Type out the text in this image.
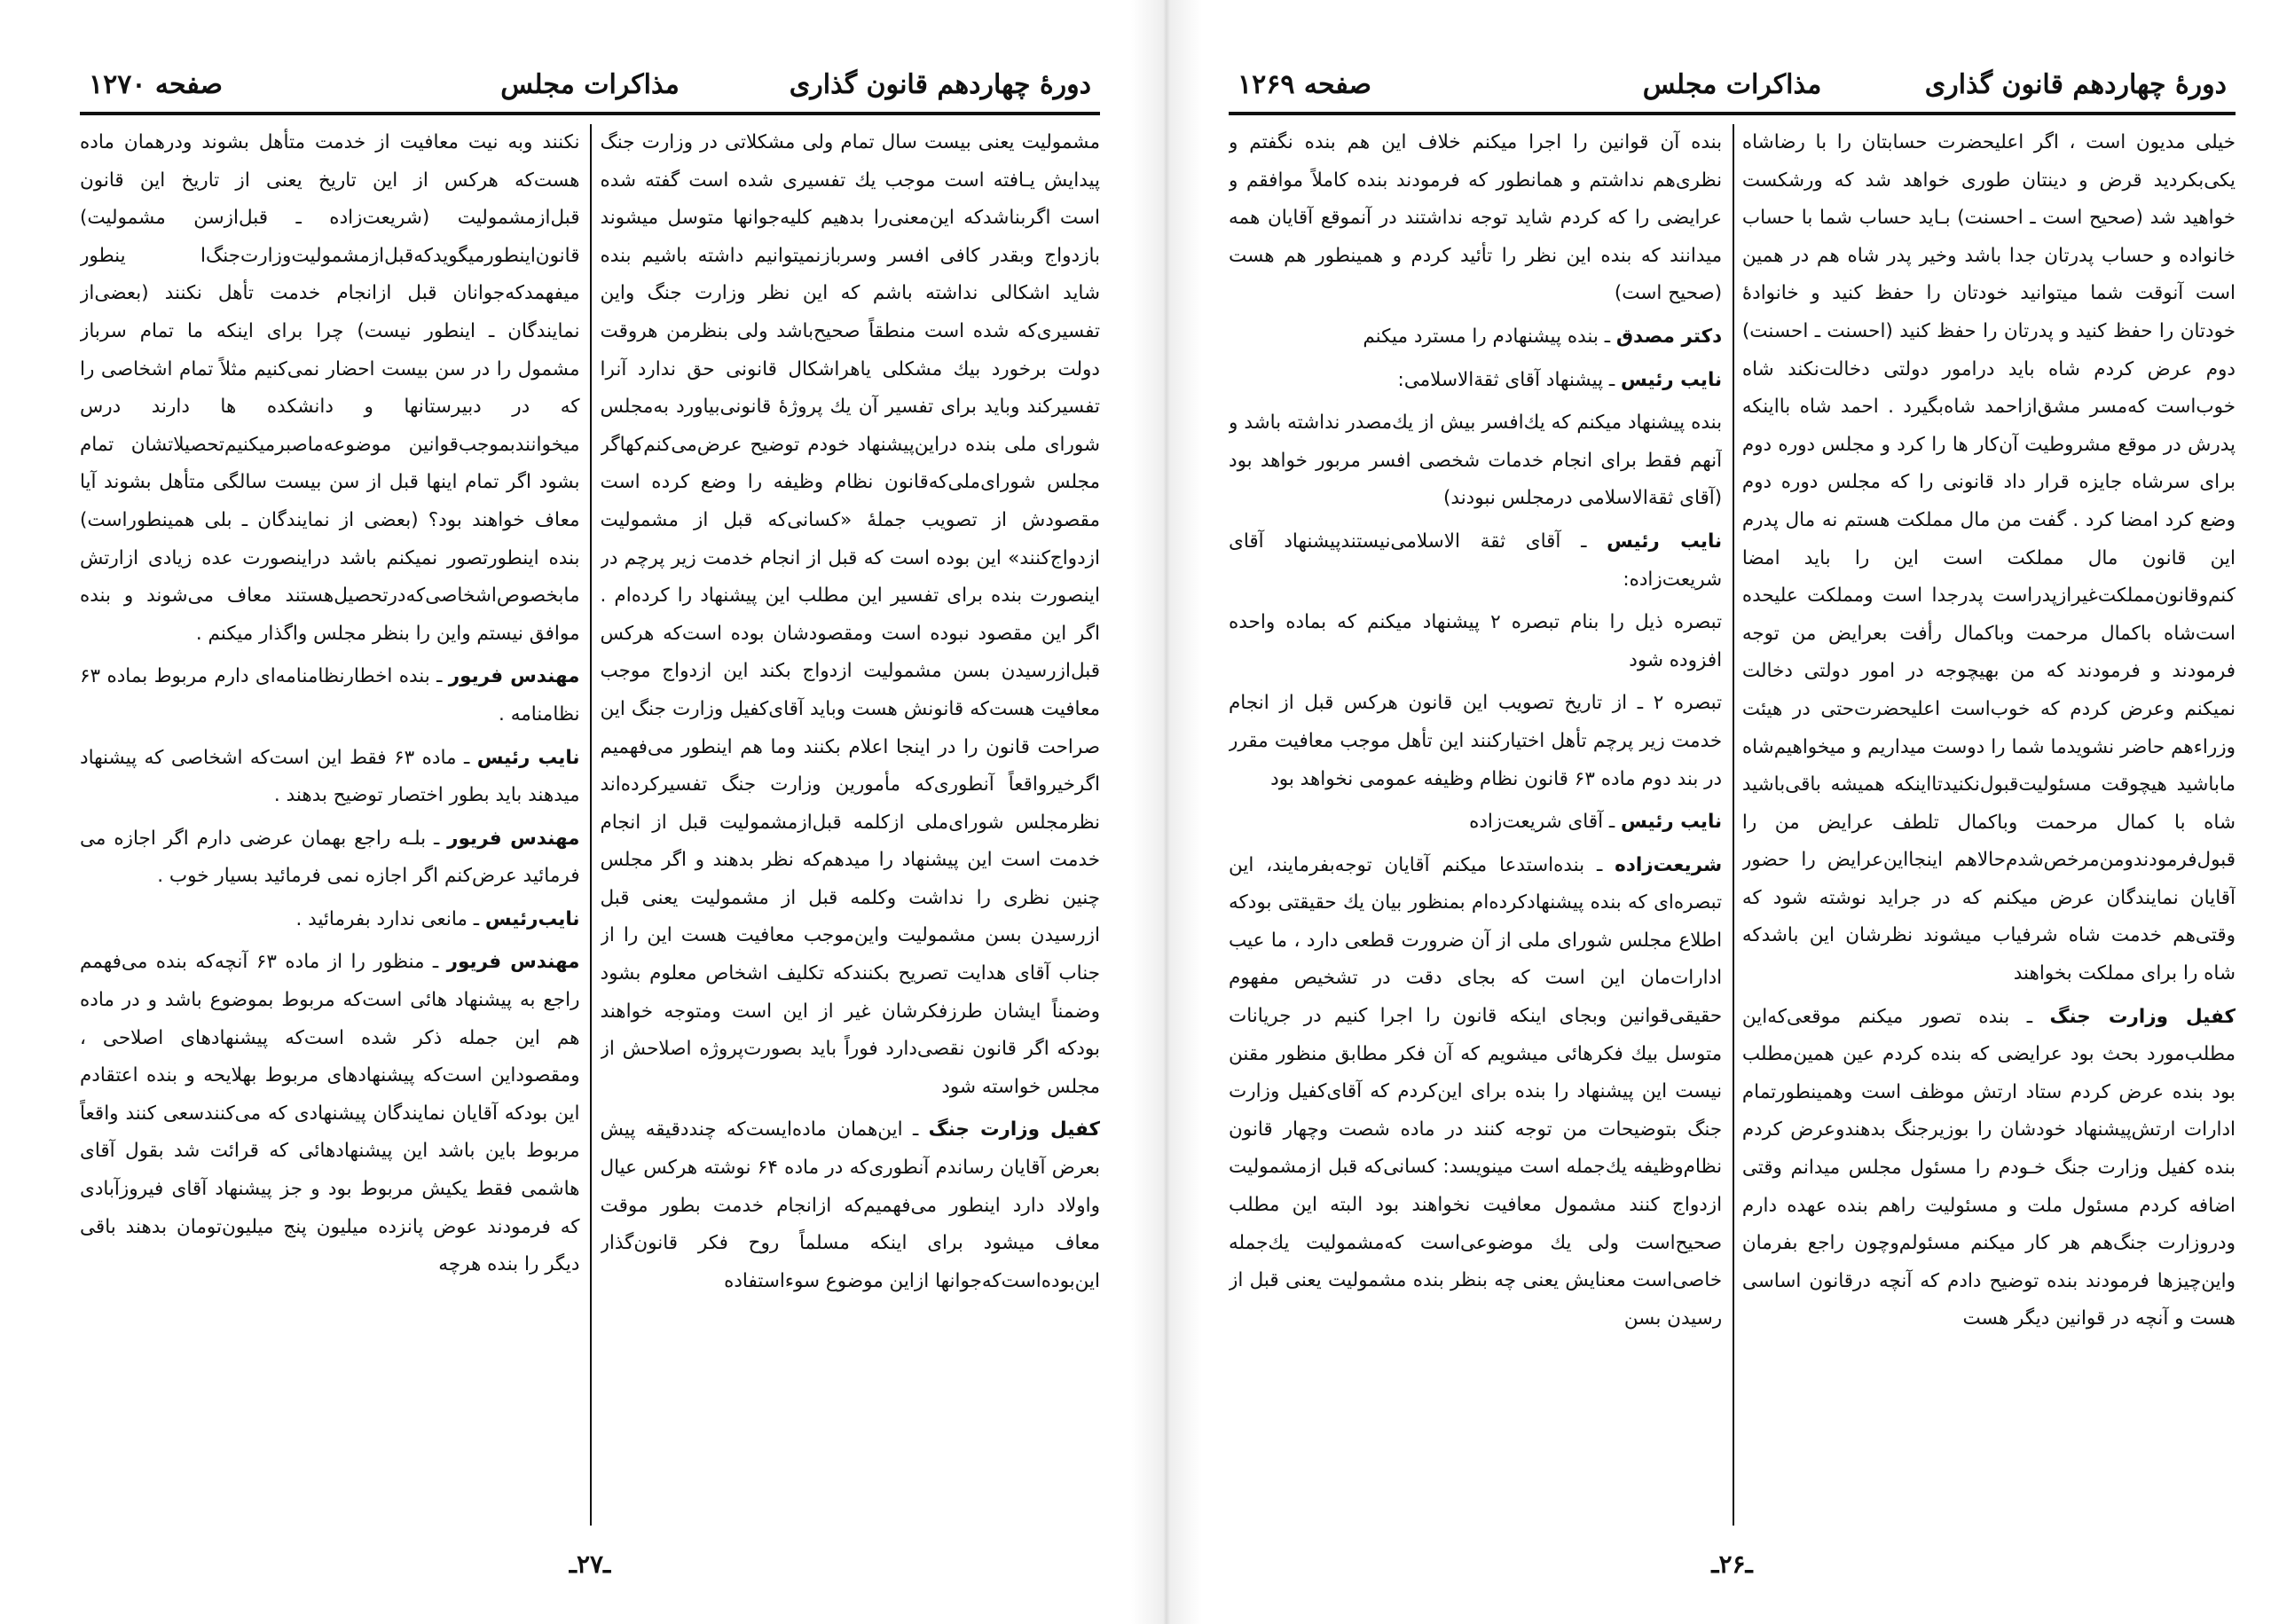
دورهٔ چهاردهم قانون گذاری
مذاکرات مجلس
صفحه ۱۲۷۰

مشمولیت یعنی بیست سال تمام ولی مشکلاتی در وزارت جنگ پیدایش یـافته است موجب یك تفسیری شده است گفته شده است اگربناشدکه این‌معنی‌را بدهیم کلیه‌جوانها متوسل میشوند بازدواج وبقدر کافی افسر وسرباز‌نمیتوانیم داشته باشیم بنده شاید اشکالی نداشته باشم که این نظر وزارت جنگ واین تفسیری‌که شده است منطقاً صحیح‌باشد ولی بنظرمن هروقت دولت برخورد بیك مشکلی یاهر‌اشکال قانونی حق ندارد آنرا تفسیر‌کند وباید برای تفسیر آن یك پروژهٔ قانونی‌بیاورد به‌مجلس شورای ملی بنده دراین‌پیشنهاد خودم توضیح عرض‌می‌کنم‌کهاگر مجلس شورای‌ملی‌که‌قانون نظام وظیفه را وضع کرده است مقصودش از تصویب جملهٔ «کسانی‌که قبل از مشمولیت ازدواج‌کنند» این بوده است که قبل از انجام خدمت زیر پرچم در اینصورت بنده برای تفسیر این مطلب این پیشنهاد را کرده‌ام . اگر این مقصود نبوده است ومقصودشان بوده است‌که هرکس قبل‌ازرسیدن بسن مشمولیت ازدواج بکند این ازدواج موجب معافیت هست‌که قانونش هست وباید آقای‌کفیل وزارت جنگ این صراحت قانون را در اینجا اعلام بکنند وما هم اینطور می‌فهمیم اگرخیرواقعاً آنطوری‌که مأمورین وزارت جنگ تفسیر‌کرده‌اند نظر‌مجلس شورای‌ملی از‌کلمه قبل‌ازمشمولیت قبل از انجام خدمت است این پیشنهاد را میدهم‌که نظر بدهند و اگر مجلس چنین نظری را نداشت وکلمه قبل از مشمولیت یعنی قبل ازرسیدن بسن مشمولیت واین‌موجب معافیت هست این را از جناب آقای هدایت تصریح بکنندکه تکلیف اشخاص معلوم بشود وضمناً ایشان طرزفکرشان غیر از این است ومتوجه خواهند بودکه اگر قانون نقصی‌دارد فوراً باید بصورت‌پروژه اصلاحش از مجلس خواسته شود

کفیل وزارت جنگ ـ این‌همان ماده‌ایست‌که چنددقیقه پیش بعرض آقایان رساندم آنطوری‌که در ماده ۶۴ نوشته هرکس عیال واولاد دارد اینطور می‌فهمیم‌که ازانجام خدمت بطور موقت معاف میشود برای اینکه مسلماً روح فکر قانون‌گذار این‌بوده‌است‌که‌جوانها ازاین موضوع سوءاستفاده

نکنند وبه نیت معافیت از خدمت متأهل بشوند ودرهمان ماده هست‌که هرکس از این تاریخ یعنی از تاریخ این قانون قبل‌ازمشمولیت (شریعت‌زاده ـ قبل‌از‌سن مشمولیت) قانون‌اینطورمیگویدکه‌قبل‌ازمشمولیت‌وزارت‌جنگ‌ا ینطور میفهمدکه‌جوانان قبل ازانجام خدمت تأهل نکنند (بعضی‌از نمایندگان ـ اینطور نیست) چرا برای اینکه ما تمام سرباز مشمول را در سن بیست احضار نمی‌کنیم مثلاً تمام اشخاصی را که در دبیرستانها و دانشکده ها دارند درس میخوانند‌بموجب‌قوانین‌ موضوعه‌ماصبر‌میکنیم‌تحصیلاتشان تمام بشود اگر تمام اینها قبل از سن بیست سالگی متأهل بشوند آیا معاف خواهند بود؟ (بعضی از نمایندگان ـ بلی همینطوراست) بنده اینطورتصور نمیکنم باشد دراینصورت عده زیادی ازارتش مابخصوص‌اشخاصی‌که‌در‌تحصیل‌هستند معاف می‌شوند و بنده موافق نیستم واین را بنظر مجلس واگذار میکنم .

مهندس فریور ـ بنده اخطار‌نظامنامه‌ای دارم مربوط بماده ۶۳ نظامنامه .

نایب رئیس ـ ماده ۶۳ فقط این است‌که اشخاصی که پیشنهاد میدهند باید بطور اختصار توضیح بدهند .

مهندس فریور ـ بلـه راجع بهمان عرضی دارم اگر اجازه می فرمائید عرض‌کنم اگر اجازه نمی فرمائید بسیار خوب .

نایب‌رئیس ـ مانعی ندارد بفرمائید .

مهندس فریور ـ منظور را از ماده ۶۳ آنچه‌که بنده می‌فهمم راجع به پیشنهاد هائی است‌که مربوط بموضوع باشد و در ماده هم این جمله ذکر شده است‌که پیشنهادهای اصلاحی ، ومقصوداین است‌که پیشنهادهای مربوط بهلایحه و بنده اعتقادم این بودکه آقایان نمایندگان پیشنهادی که می‌کنندسعی کنند واقعاً مربوط باین باشد این پیشنهادهائی که قرائت شد بقول آقای هاشمی فقط یکیش مربوط بود و جز پیشنهاد آقای فیروزآبادی که فرمودند عوض پانزده میلیون پنج میلیون‌تومان بدهند باقی دیگر را بنده هرچه

ـ۲۷ـ
دورهٔ چهاردهم قانون گذاری
مذاکرات مجلس
صفحه ۱۲۶۹

خیلی مدیون است ، اگر اعلیحضرت حسابتان را با رضاشاه یکی‌بکردید قرض و دینتان طوری خواهد شد که ورشکست خواهید شد (صحیح است ـ احسنت) بـاید حساب شما با حساب خانواده و حساب پدرتان جدا باشد وخیر پدر شاه هم در همین است آنوقت شما میتوانید خودتان را حفظ کنید و خانوادهٔ خودتان را حفظ کنید و پدرتان را حفظ کنید (احسنت ـ احسنت) دوم عرض کردم شاه باید درامور دولتی دخالت‌نکند شاه خوب‌است که‌مسر مشق‌از‌احمد شاه‌بگیرد . احمد شاه بااینکه پدرش در موقع مشروطیت آن‌کار ها را کرد و مجلس دوره دوم برای سرشاه جایزه قرار داد قانونی را که مجلس دوره دوم وضع کرد امضا کرد . گفت من مال مملکت هستم نه مال پدرم این قانون مال مملکت است این را باید امضا کنم‌و‌قانون‌مملکت‌غیراز‌پدراست پدرجدا است و‌مملکت علیحده است‌شاه باکمال مرحمت وباکمال رأفت بعرایض من توجه فرمودند و فرمودند که من بهیچوجه در امور دولتی دخالت نمیکنم‌ وعرض کردم که خوب‌است اعلیحضرت‌حتی در هیئت وزراء‌هم حاضر نشوید‌ما شما را دوست میداریم و میخواهیم‌شاه ماباشید هیچوقت مسئولیت‌قبول‌نکنیدتااینکه همیشه باقی‌باشید شاه با کمال مرحمت وباکمال تلطف عرایض من را قبول‌فرمودندو‌من‌مرخص‌شدم‌حالاهم اینجااین‌عرایض را حضور آقایان نمایندگان عرض میکنم که در جراید نوشته شود که وقتی‌هم خدمت شاه شرفیاب میشوند نظرشان این باشدکه شاه را برای مملکت بخواهند

کفیل وزارت جنگ ـ بنده تصور میکنم موقعی‌که‌این مطلب‌مورد بحث بود عرایضی که بنده کردم عین همین‌مطلب بود بنده عرض کردم ستاد ارتش موظف است و‌همینطورتمام ادارات‌ ارتش‌پیشنهاد خودشان را بوزیر‌جنگ بدهندو‌عرض کردم بنده کفیل وزارت جنگ خـودم را مسئول مجلس میدانم‌ وقتی اضافه کردم مسئول ملت و مسئولیت راهم بنده عهده دارم ودر‌وزارت جنگ‌هم هر کار میکنم مسئولم‌وچون راجع بفرمان واین‌چیزها فرمودند بنده توضیح دادم که آنچه درقانون اساسی هست و آنچه در قوانین دیگر هست

بنده آن قوانین را اجرا میکنم خلاف این هم بنده نگفتم و نظری‌هم نداشتم و همانطور که فرمودند بنده کاملاً موافقم و عرایضی را که کردم شاید توجه نداشتند در آنموقع آقایان همه میدانند که بنده این نظر را تأئید کردم و همینطور هم هست (صحیح است)

دکتر مصدق ـ بنده پیشنهادم را مسترد میکنم

نایب رئیس ـ پیشنهاد آقای ثقة‌الاسلامی:

بنده پیشنهاد میکنم که یك‌افسر بیش از یك‌مصدر نداشته باشد و آنهم فقط برای انجام خدمات شخصی افسر مربور خواهد بود (آقای ثقة‌الاسلامی درمجلس نبودند)

نایب رئیس ـ آقای ثقة الاسلامی‌نیستند‌پیشنهاد آقای شریعت‌زاده:

تبصره ذیل را بنام تبصره ۲ پیشنهاد میکنم که بماده واحده افزوده شود

تبصره ۲ ـ از تاریخ تصویب این قانون هرکس قبل از انجام خدمت زیر پرچم تأهل اختیار‌کنند این تأهل موجب معافیت مقرر در بند دوم ماده ۶۳ قانون نظام وظیفه عمومی نخواهد بود

نایب رئیس ـ آقای شریعت‌زاده

شریعت‌زاده ـ بنده‌استدعا میکنم آقایان توجه‌بفرمایند، این تبصره‌ای که بنده پیشنهاد‌کرده‌ام بمنظور بیان یك حقیقتی بودکه اطلاع مجلس شورای ملی از آن ضرورت قطعی دارد ، ما عیب ادارات‌مان این است که بجای دقت در تشخیص مفهوم حقیقی‌قوانین وبجای اینکه قانون را اجرا کنیم در جریانات متوسل بیك فکرهائی میشویم که آن فکر مطابق منظور مقنن نیست این پیشنهاد را بنده برای این‌کردم که آقای‌کفیل وزارت جنگ بتوضیحات من توجه کنند در ماده شصت وچهار قانون نظام‌وظیفه یك‌جمله است مینویسد: کسانی‌که قبل ازمشمولیت ازدواج کنند مشمول معافیت نخواهند بود البته این مطلب صحیح‌است ولی یك موضوعی‌است که‌مشمولیت یك‌جمله خاصی‌است معنایش یعنی چه بنظر بنده مشمولیت یعنی قبل از رسیدن بسن

ـ۲۶ـ
